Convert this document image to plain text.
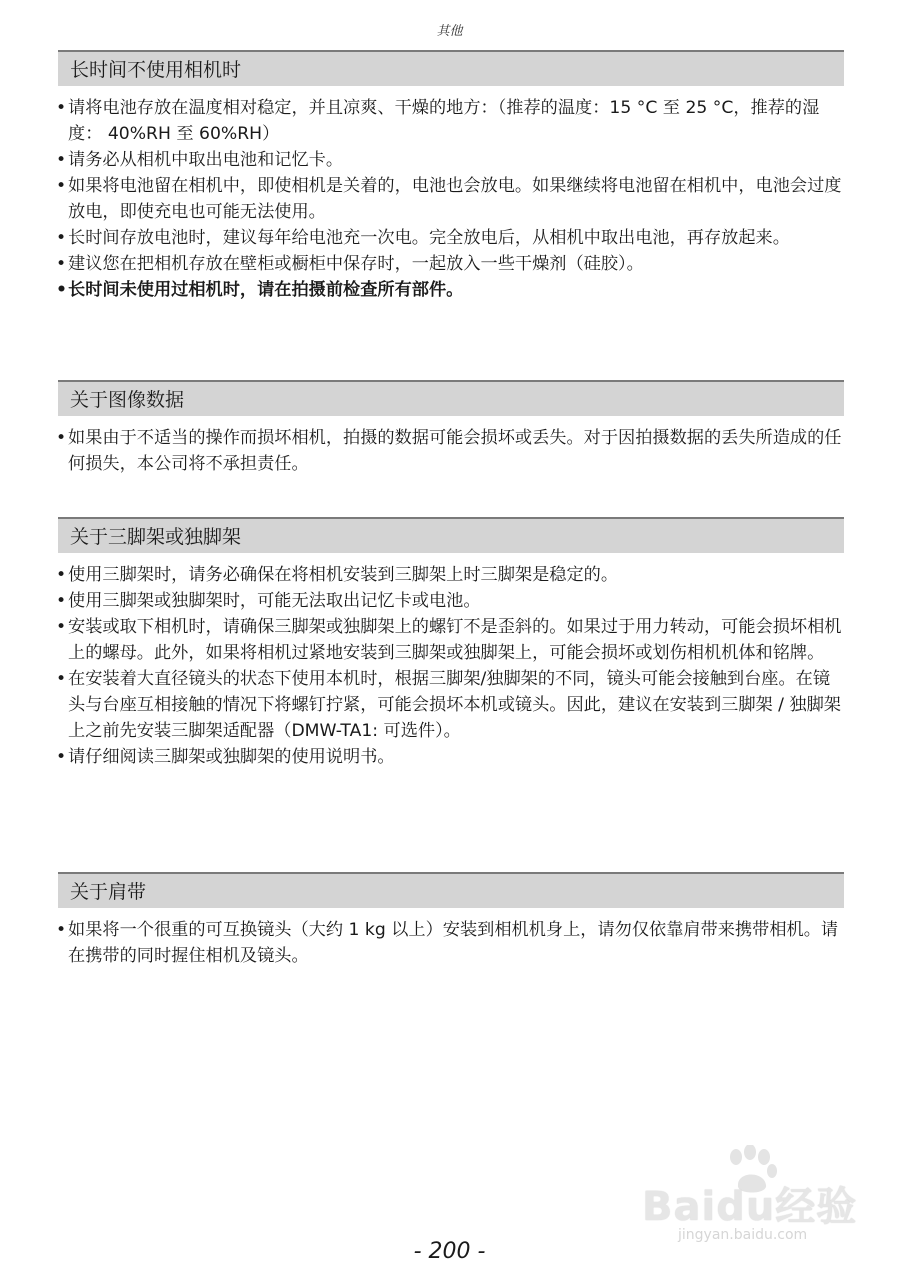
其他
长时间不使用相机时
• 请将电池存放在温度相对稳定，并且凉爽、干燥的地方：（推荐的温度：15 °C 至 25 °C，推荐的湿度： 40%RH 至 60%RH）
• 请务必从相机中取出电池和记忆卡。
• 如果将电池留在相机中，即使相机是关着的，电池也会放电。如果继续将电池留在相机中，电池会过度放电，即使充电也可能无法使用。
• 长时间存放电池时，建议每年给电池充一次电。完全放电后，从相机中取出电池，再存放起来。
• 建议您在把相机存放在壁柜或橱柜中保存时，一起放入一些干燥剂（硅胶）。
• 长时间未使用过相机时，请在拍摄前检查所有部件。
关于图像数据
• 如果由于不适当的操作而损坏相机，拍摄的数据可能会损坏或丢失。对于因拍摄数据的丢失所造成的任何损失，本公司将不承担责任。
关于三脚架或独脚架
• 使用三脚架时，请务必确保在将相机安装到三脚架上时三脚架是稳定的。
• 使用三脚架或独脚架时，可能无法取出记忆卡或电池。
• 安装或取下相机时，请确保三脚架或独脚架上的螺钉不是歪斜的。如果过于用力转动，可能会损坏相机上的螺母。此外，如果将相机过紧地安装到三脚架或独脚架上，可能会损坏或划伤相机机体和铭牌。
• 在安装着大直径镜头的状态下使用本机时，根据三脚架/独脚架的不同，镜头可能会接触到台座。在镜头与台座互相接触的情况下将螺钉拧紧，可能会损坏本机或镜头。因此，建议在安装到三脚架 / 独脚架上之前先安装三脚架适配器（DMW-TA1: 可选件）。
• 请仔细阅读三脚架或独脚架的使用说明书。
关于肩带
• 如果将一个很重的可互换镜头（大约 1 kg 以上）安装到相机机身上，请勿仅依靠肩带来携带相机。请在携带的同时握住相机及镜头。
Baidu经验
jingyan.baidu.com
- 200 -
